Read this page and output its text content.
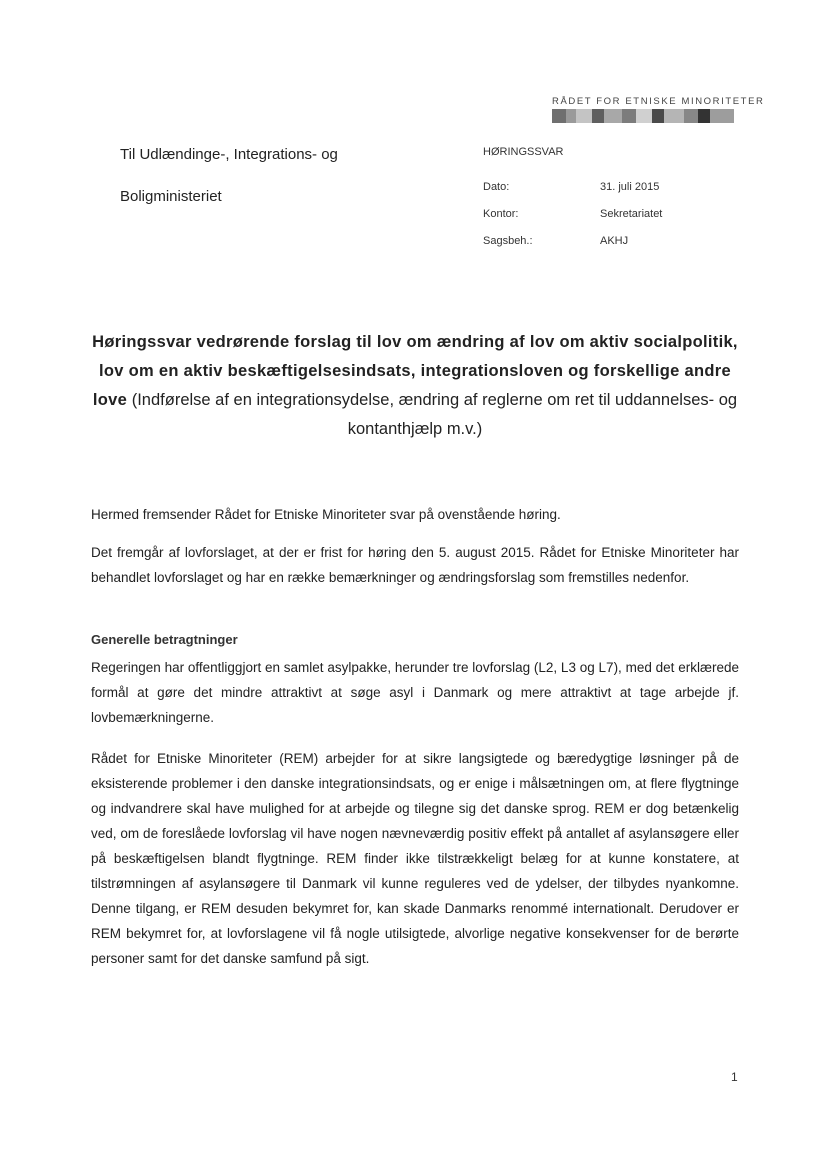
RÅDET FOR ETNISKE MINORITETER
Til Udlændinge-, Integrations- og
Boligministeriet
HØRINGSSVAR
Dato:	31. juli 2015
Kontor:	Sekretariatet
Sagsbeh.:	AKHJ
Høringssvar vedrørende forslag til lov om ændring af lov om aktiv socialpolitik, lov om en aktiv beskæftigelsesindsats, integrationsloven og forskellige andre love (Indførelse af en integrationsydelse, ændring af reglerne om ret til uddannelses- og kontanthjælp m.v.)

Hermed fremsender Rådet for Etniske Minoriteter svar på ovenstående høring.

Det fremgår af lovforslaget, at der er frist for høring den 5. august 2015. Rådet for Etniske Minoriteter har behandlet lovforslaget og har en række bemærkninger og ændringsforslag som fremstilles nedenfor.

Generelle betragtninger

Regeringen har offentliggjort en samlet asylpakke, herunder tre lovforslag (L2, L3 og L7), med det erklærede formål at gøre det mindre attraktivt at søge asyl i Danmark og mere attraktivt at tage arbejde jf. lovbemærkningerne.

Rådet for Etniske Minoriteter (REM) arbejder for at sikre langsigtede og bæredygtige løsninger på de eksisterende problemer i den danske integrationsindsats, og er enige i målsætningen om, at flere flygtninge og indvandrere skal have mulighed for at arbejde og tilegne sig det danske sprog. REM er dog betænkelig ved, om de foreslåede lovforslag vil have nogen nævneværdig positiv effekt på antallet af asylansøgere eller på beskæftigelsen blandt flygtninge. REM finder ikke tilstrækkeligt belæg for at kunne konstatere, at tilstrømningen af asylansøgere til Danmark vil kunne reguleres ved de ydelser, der tilbydes nyankomne. Denne tilgang, er REM desuden bekymret for, kan skade Danmarks renommé internationalt. Derudover er REM bekymret for, at lovforslagene vil få nogle utilsigtede, alvorlige negative konsekvenser for de berørte personer samt for det danske samfund på sigt.

1
